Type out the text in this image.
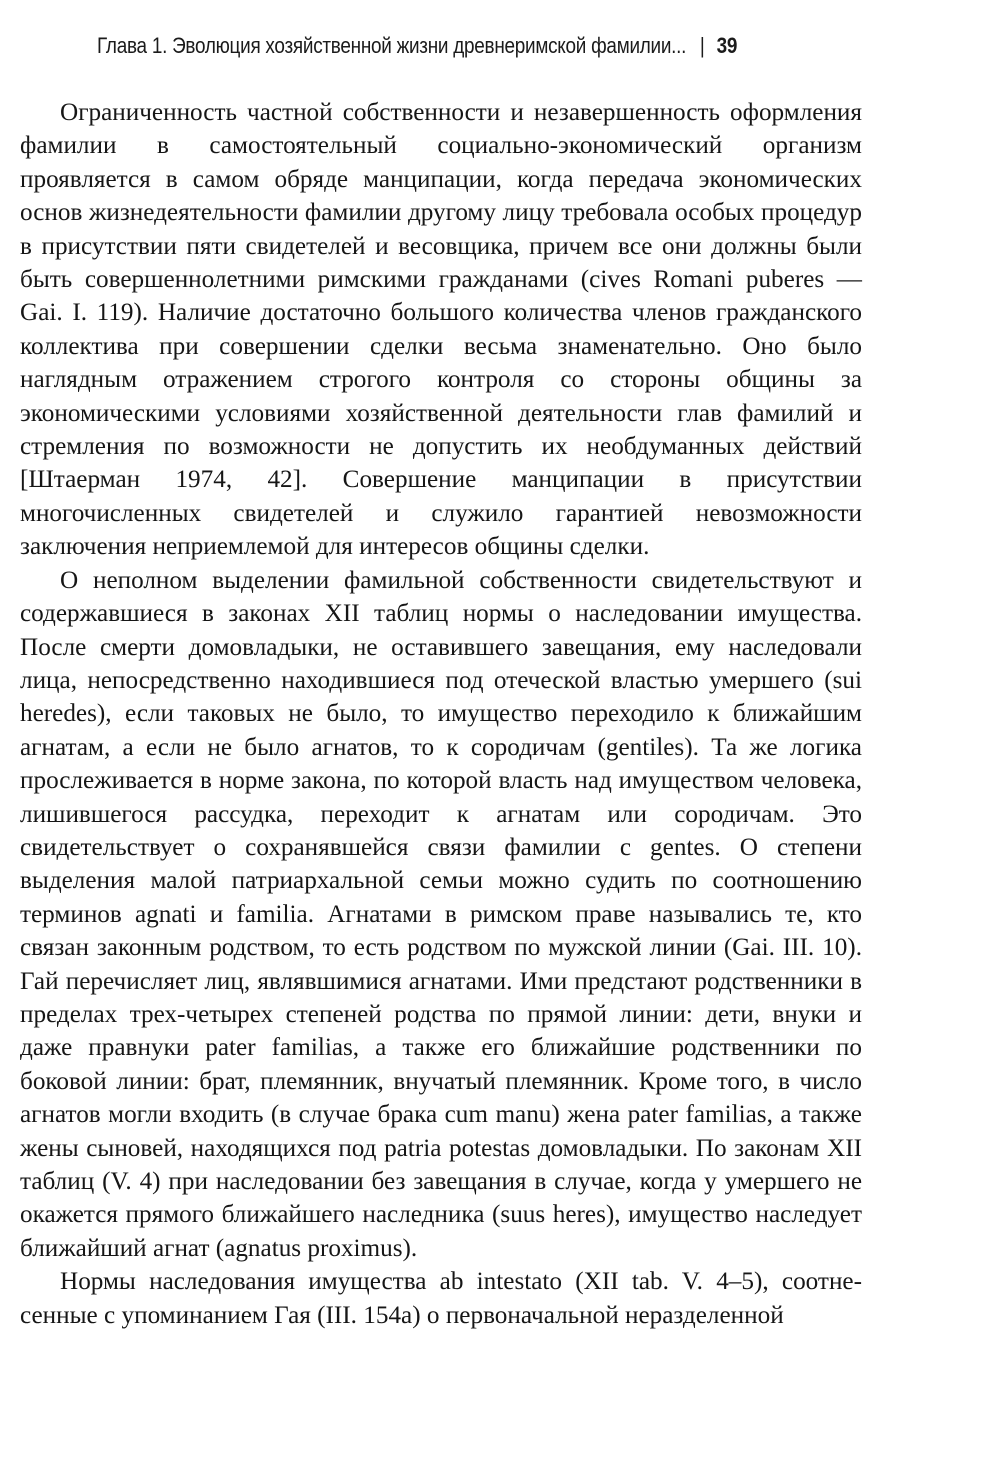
Глава 1. Эволюция хозяйственной жизни древнеримской фамилии... | 39

Ограниченность частной собственности и незавершенность оформления фамилии в самостоятельный социально-экономический организм проявляется в самом обряде манципации, когда передача экономических основ жизнедеятельности фамилии другому лицу требовала особых процедур в присутствии пяти свидетелей и весовщика, причем все они должны были быть совершеннолетними римскими гражданами (cives Romani puberes — Gai. I. 119). Наличие достаточно большого количества членов гражданского коллектива при совершении сделки весьма знаменательно. Оно было наглядным отражением строгого контроля со стороны общины за экономическими условиями хозяйственной деятельности глав фамилий и стремления по возможности не допустить их необдуманных действий [Штаерман 1974, 42]. Совершение манципации в присутствии многочисленных свидетелей и служило гарантией невозможности заключения неприемлемой для интересов общины сделки.

О неполном выделении фамильной собственности свидетельствуют и содержавшиеся в законах XII таблиц нормы о наследовании имущества. После смерти домовладыки, не оставившего завещания, ему наследовали лица, непосредственно находившиеся под отеческой властью умершего (sui heredes), если таковых не было, то имущество переходило к ближайшим агнатам, а если не было агнатов, то к сородичам (gentiles). Та же логика прослеживается в норме закона, по которой власть над имуществом человека, лишившегося рассудка, переходит к агнатам или сородичам. Это свидетельствует о сохранявшейся связи фамилии с gentes. О степени выделения малой патриархальной семьи можно судить по соотношению терминов agnati и familia. Агнатами в римском праве назывались те, кто связан законным родством, то есть родством по мужской линии (Gai. III. 10). Гай перечисляет лиц, являвшимися агнатами. Ими предстают родственники в пределах трех-четырех степеней родства по прямой линии: дети, внуки и даже правнуки pater familias, а также его ближайшие родственники по боковой линии: брат, племянник, внучатый племянник. Кроме того, в число агнатов могли входить (в случае брака cum manu) жена pater familias, а также жены сыновей, находящихся под patria potestas домовладыки. По законам XII таблиц (V. 4) при наследовании без завещания в случае, когда у умершего не окажется прямого ближайшего наследника (suus heres), имущество наследует ближайший агнат (agnatus proximus).

Нормы наследования имущества ab intestato (XII tab. V. 4–5), соотнесенные с упоминанием Гая (III. 154a) о первоначальной неразделенной
